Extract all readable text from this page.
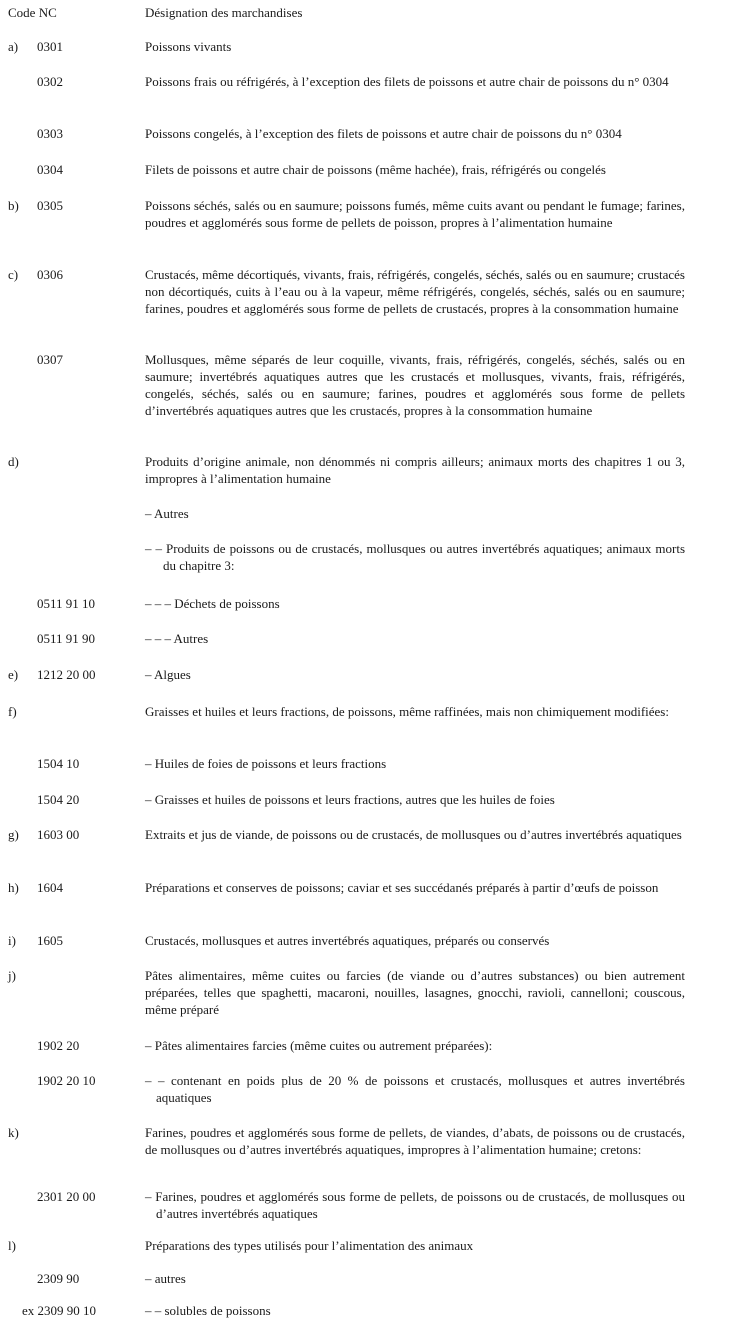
Code NC	Désignation des marchandises
a) 0301	Poissons vivants
0302	Poissons frais ou réfrigérés, à l’exception des filets de poissons et autre chair de poissons du n° 0304
0303	Poissons congelés, à l’exception des filets de poissons et autre chair de poissons du n° 0304
0304	Filets de poissons et autre chair de poissons (même hachée), frais, réfrigérés ou congelés
b) 0305	Poissons séchés, salés ou en saumure; poissons fumés, même cuits avant ou pendant le fumage; farines, poudres et agglomérés sous forme de pellets de poisson, propres à l’alimentation humaine
c) 0306	Crustacés, même décortiqués, vivants, frais, réfrigérés, congelés, séchés, salés ou en saumure; crustacés non décortiqués, cuits à l’eau ou à la vapeur, même réfrigérés, congelés, séchés, salés ou en saumure; farines, poudres et agglomérés sous forme de pellets de crustacés, propres à la consommation humaine
0307	Mollusques, même séparés de leur coquille, vivants, frais, réfrigérés, congelés, séchés, salés ou en saumure; invertébrés aquatiques autres que les crustacés et mollusques, vivants, frais, réfrigérés, congelés, séchés, salés ou en saumure; farines, poudres et agglomérés sous forme de pellets d’invertébrés aquatiques autres que les crustacés, propres à la consommation humaine
d)	Produits d’origine animale, non dénommés ni compris ailleurs; animaux morts des chapitres 1 ou 3, impropres à l’alimentation humaine
– Autres
– – Produits de poissons ou de crustacés, mollusques ou autres invertébrés aquatiques; animaux morts du chapitre 3:
0511 91 10	– – – Déchets de poissons
0511 91 90	– – – Autres
e) 1212 20 00	– Algues
f)	Graisses et huiles et leurs fractions, de poissons, même raffinées, mais non chimiquement modifiées:
1504 10	– Huiles de foies de poissons et leurs fractions
1504 20	– Graisses et huiles de poissons et leurs fractions, autres que les huiles de foies
g) 1603 00	Extraits et jus de viande, de poissons ou de crustacés, de mollusques ou d’autres invertébrés aquatiques
h) 1604	Préparations et conserves de poissons; caviar et ses succédanés préparés à partir d’œufs de poisson
i) 1605	Crustacés, mollusques et autres invertébrés aquatiques, préparés ou conservés
j)	Pâtes alimentaires, même cuites ou farcies (de viande ou d’autres substances) ou bien autrement préparées, telles que spaghetti, macaroni, nouilles, lasagnes, gnocchi, ravioli, cannelloni; couscous, même préparé
1902 20	– Pâtes alimentaires farcies (même cuites ou autrement préparées):
1902 20 10	– – contenant en poids plus de 20 % de poissons et crustacés, mollusques et autres invertébrés aquatiques
k)	Farines, poudres et agglomérés sous forme de pellets, de viandes, d’abats, de poissons ou de crustacés, de mollusques ou d’autres invertébrés aquatiques, impropres à l’alimentation humaine; cretons:
2301 20 00	– Farines, poudres et agglomérés sous forme de pellets, de poissons ou de crustacés, de mollusques ou d’autres invertébrés aquatiques
l)	Préparations des types utilisés pour l’alimentation des animaux
2309 90	– autres
ex 2309 90 10	– – solubles de poissons
